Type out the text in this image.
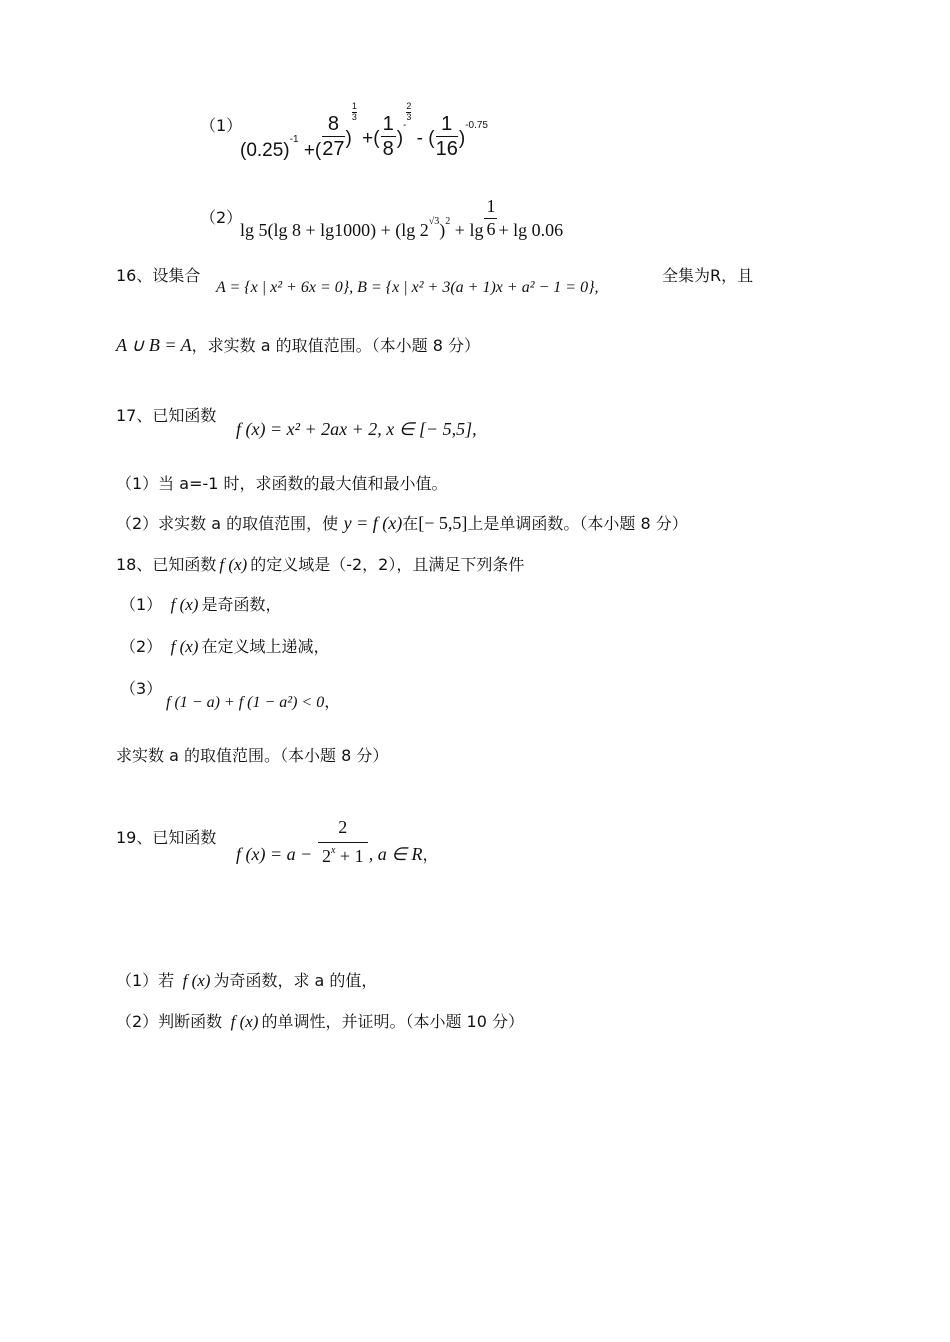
（1）
(0.25)-1 +( $\frac{8}{27}$ )
$\frac{1}{3}$
+( $\frac{1}{8} )^-$
$\frac{2}{3}$
- ( $\frac{1}{16} )^{-0.75}$
（2）
lg 5(lg 8 + lg1000) + (lg $2√3)2 + \lg \frac{1}{6} + \lg 0.06$
16、设集合
A = {x | x² + 6x = 0}, B = {x | x² + 3(a + 1)x + a² − 1 = 0},
全集为R，且
A ∪ B = A，求实数 a 的取值范围。（本小题 8 分）
17、已知函数
f (x) = x² + 2ax + 2, x ∈ [− 5,5],
（1）当 a=-1 时，求函数的最大值和最小值。
（2）求实数 a 的取值范围，使 y = f (x)在[− 5,5]上是单调函数。（本小题 8 分）
18、已知函数 f (x) 的定义域是（-2，2），且满足下列条件
（1） f (x) 是奇函数，
（2） f (x) 在定义域上递减，
（3）
f (1 − a) + f (1 − a²) < 0，
求实数 a 的取值范围。（本小题 8 分）
19、已知函数
f $(x) = a - \frac{2}{2^x + 1}$ , a ∈ R，
（1）若 f (x) 为奇函数，求 a 的值，
（2）判断函数 f (x) 的单调性，并证明。（本小题 10 分）
